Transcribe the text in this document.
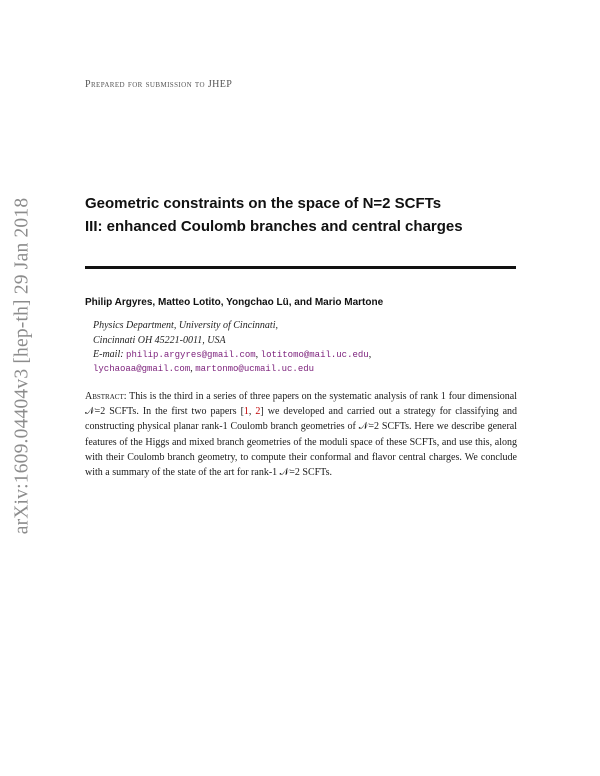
arXiv:1609.04404v3 [hep-th] 29 Jan 2018
Prepared for submission to JHEP
Geometric constraints on the space of N=2 SCFTs
III: enhanced Coulomb branches and central charges
Philip Argyres, Matteo Lotito, Yongchao Lü, and Mario Martone
Physics Department, University of Cincinnati,
Cincinnati OH 45221-0011, USA
E-mail: philip.argyres@gmail.com, lotitomo@mail.uc.edu,
lychaoaa@gmail.com, martonmo@ucmail.uc.edu
Abstract: This is the third in a series of three papers on the systematic analysis of rank 1 four dimensional 𝒩=2 SCFTs. In the first two papers [1, 2] we developed and carried out a strategy for classifying and constructing physical planar rank-1 Coulomb branch geometries of 𝒩=2 SCFTs. Here we describe general features of the Higgs and mixed branch geometries of the moduli space of these SCFTs, and use this, along with their Coulomb branch geometry, to compute their conformal and flavor central charges. We conclude with a summary of the state of the art for rank-1 𝒩=2 SCFTs.
